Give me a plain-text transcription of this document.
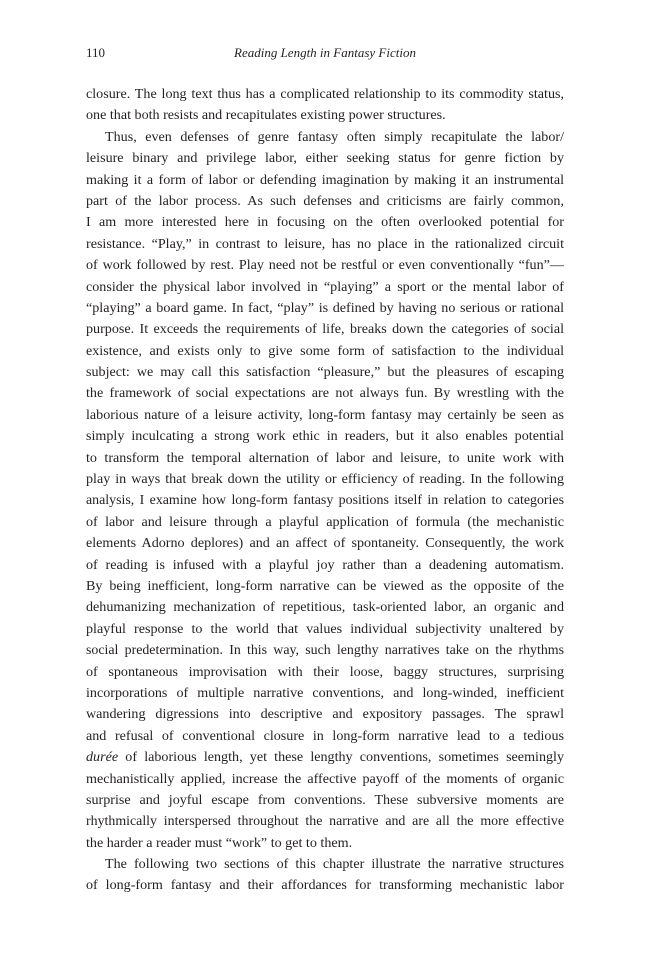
110	Reading Length in Fantasy Fiction
closure. The long text thus has a complicated relationship to its commodity status,
one that both resists and recapitulates existing power structures.
Thus, even defenses of genre fantasy often simply recapitulate the labor/
leisure binary and privilege labor, either seeking status for genre fiction by
making it a form of labor or defending imagination by making it an instrumental
part of the labor process. As such defenses and criticisms are fairly common,
I am more interested here in focusing on the often overlooked potential for
resistance. “Play,” in contrast to leisure, has no place in the rationalized circuit
of work followed by rest. Play need not be restful or even conventionally “fun”—
consider the physical labor involved in “playing” a sport or the mental labor of
“playing” a board game. In fact, “play” is defined by having no serious or rational
purpose. It exceeds the requirements of life, breaks down the categories of social
existence, and exists only to give some form of satisfaction to the individual
subject: we may call this satisfaction “pleasure,” but the pleasures of escaping
the framework of social expectations are not always fun. By wrestling with the
laborious nature of a leisure activity, long-form fantasy may certainly be seen as
simply inculcating a strong work ethic in readers, but it also enables potential
to transform the temporal alternation of labor and leisure, to unite work with
play in ways that break down the utility or efficiency of reading. In the following
analysis, I examine how long-form fantasy positions itself in relation to categories
of labor and leisure through a playful application of formula (the mechanistic
elements Adorno deplores) and an affect of spontaneity. Consequently, the work
of reading is infused with a playful joy rather than a deadening automatism.
By being inefficient, long-form narrative can be viewed as the opposite of the
dehumanizing mechanization of repetitious, task-oriented labor, an organic and
playful response to the world that values individual subjectivity unaltered by
social predetermination. In this way, such lengthy narratives take on the rhythms
of spontaneous improvisation with their loose, baggy structures, surprising
incorporations of multiple narrative conventions, and long-winded, inefficient
wandering digressions into descriptive and expository passages. The sprawl
and refusal of conventional closure in long-form narrative lead to a tedious
durée of laborious length, yet these lengthy conventions, sometimes seemingly
mechanistically applied, increase the affective payoff of the moments of organic
surprise and joyful escape from conventions. These subversive moments are
rhythmically interspersed throughout the narrative and are all the more effective
the harder a reader must “work” to get to them.
The following two sections of this chapter illustrate the narrative structures
of long-form fantasy and their affordances for transforming mechanistic labor
